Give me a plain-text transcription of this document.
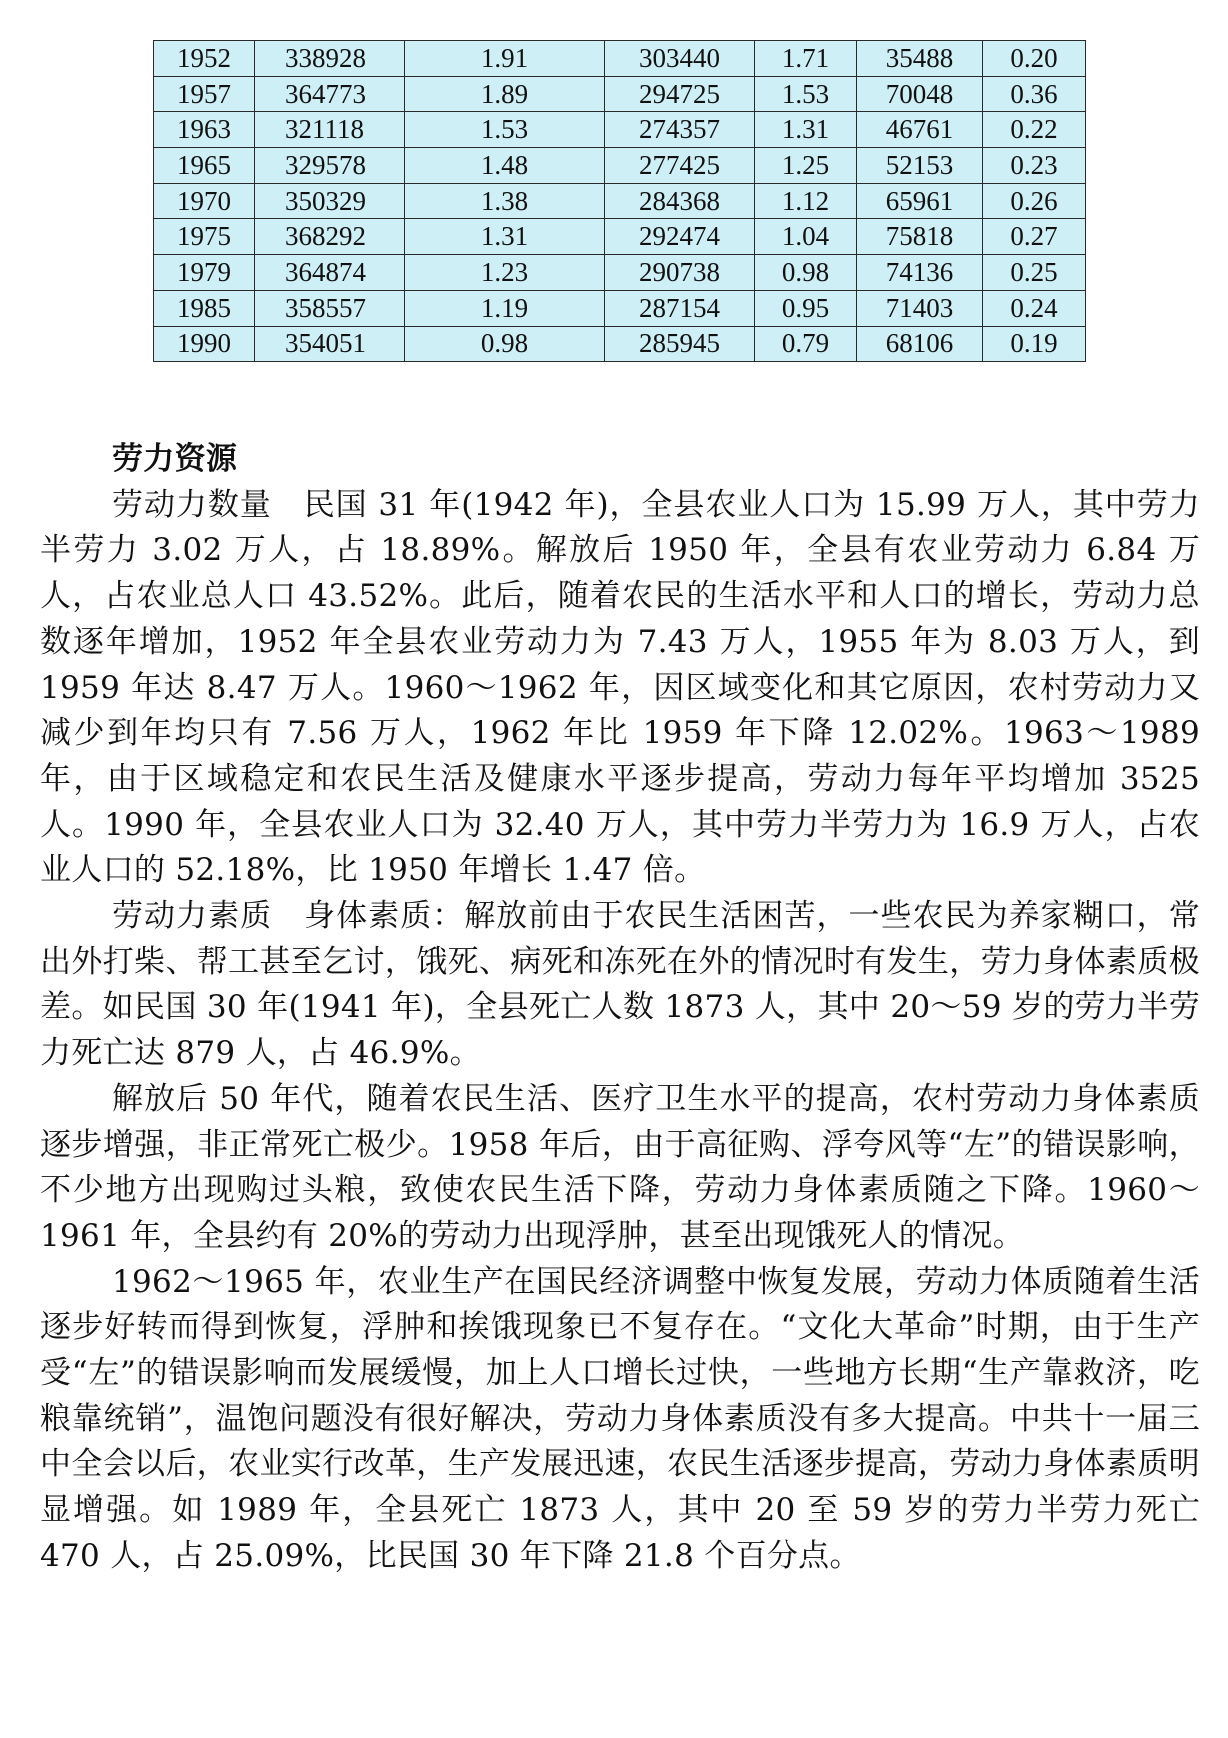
1952	338928	1.91	303440	1.71	35488	0.20
1957	364773	1.89	294725	1.53	70048	0.36
1963	321118	1.53	274357	1.31	46761	0.22
1965	329578	1.48	277425	1.25	52153	0.23
1970	350329	1.38	284368	1.12	65961	0.26
1975	368292	1.31	292474	1.04	75818	0.27
1979	364874	1.23	290738	0.98	74136	0.25
1985	358557	1.19	287154	0.95	71403	0.24
1990	354051	0.98	285945	0.79	68106	0.19
劳力资源

劳动力数量　民国 31 年(1942 年)，全县农业人口为 15.99 万人，其中劳力半劳力 3.02 万人，占 18.89%。解放后 1950 年，全县有农业劳动力 6.84 万人，占农业总人口 43.52%。此后，随着农民的生活水平和人口的增长，劳动力总数逐年增加，1952 年全县农业劳动力为 7.43 万人，1955 年为 8.03 万人，到 1959 年达 8.47 万人。1960～1962 年，因区域变化和其它原因，农村劳动力又减少到年均只有 7.56 万人，1962 年比 1959 年下降 12.02%。1963～1989 年，由于区域稳定和农民生活及健康水平逐步提高，劳动力每年平均增加 3525 人。1990 年，全县农业人口为 32.40 万人，其中劳力半劳力为 16.9 万人，占农业人口的 52.18%，比 1950 年增长 1.47 倍。

劳动力素质　身体素质：解放前由于农民生活困苦，一些农民为养家糊口，常出外打柴、帮工甚至乞讨，饿死、病死和冻死在外的情况时有发生，劳力身体素质极差。如民国 30 年(1941 年)，全县死亡人数 1873 人，其中 20～59 岁的劳力半劳力死亡达 879 人，占 46.9%。

解放后 50 年代，随着农民生活、医疗卫生水平的提高，农村劳动力身体素质逐步增强，非正常死亡极少。1958 年后，由于高征购、浮夸风等“左”的错误影响，不少地方出现购过头粮，致使农民生活下降，劳动力身体素质随之下降。1960～1961 年，全县约有 20%的劳动力出现浮肿，甚至出现饿死人的情况。

1962～1965 年，农业生产在国民经济调整中恢复发展，劳动力体质随着生活逐步好转而得到恢复，浮肿和挨饿现象已不复存在。“文化大革命”时期，由于生产受“左”的错误影响而发展缓慢，加上人口增长过快，一些地方长期“生产靠救济，吃粮靠统销”，温饱问题没有很好解决，劳动力身体素质没有多大提高。中共十一届三中全会以后，农业实行改革，生产发展迅速，农民生活逐步提高，劳动力身体素质明显增强。如 1989 年，全县死亡 1873 人，其中 20 至 59 岁的劳力半劳力死亡 470 人，占 25.09%，比民国 30 年下降 21.8 个百分点。
